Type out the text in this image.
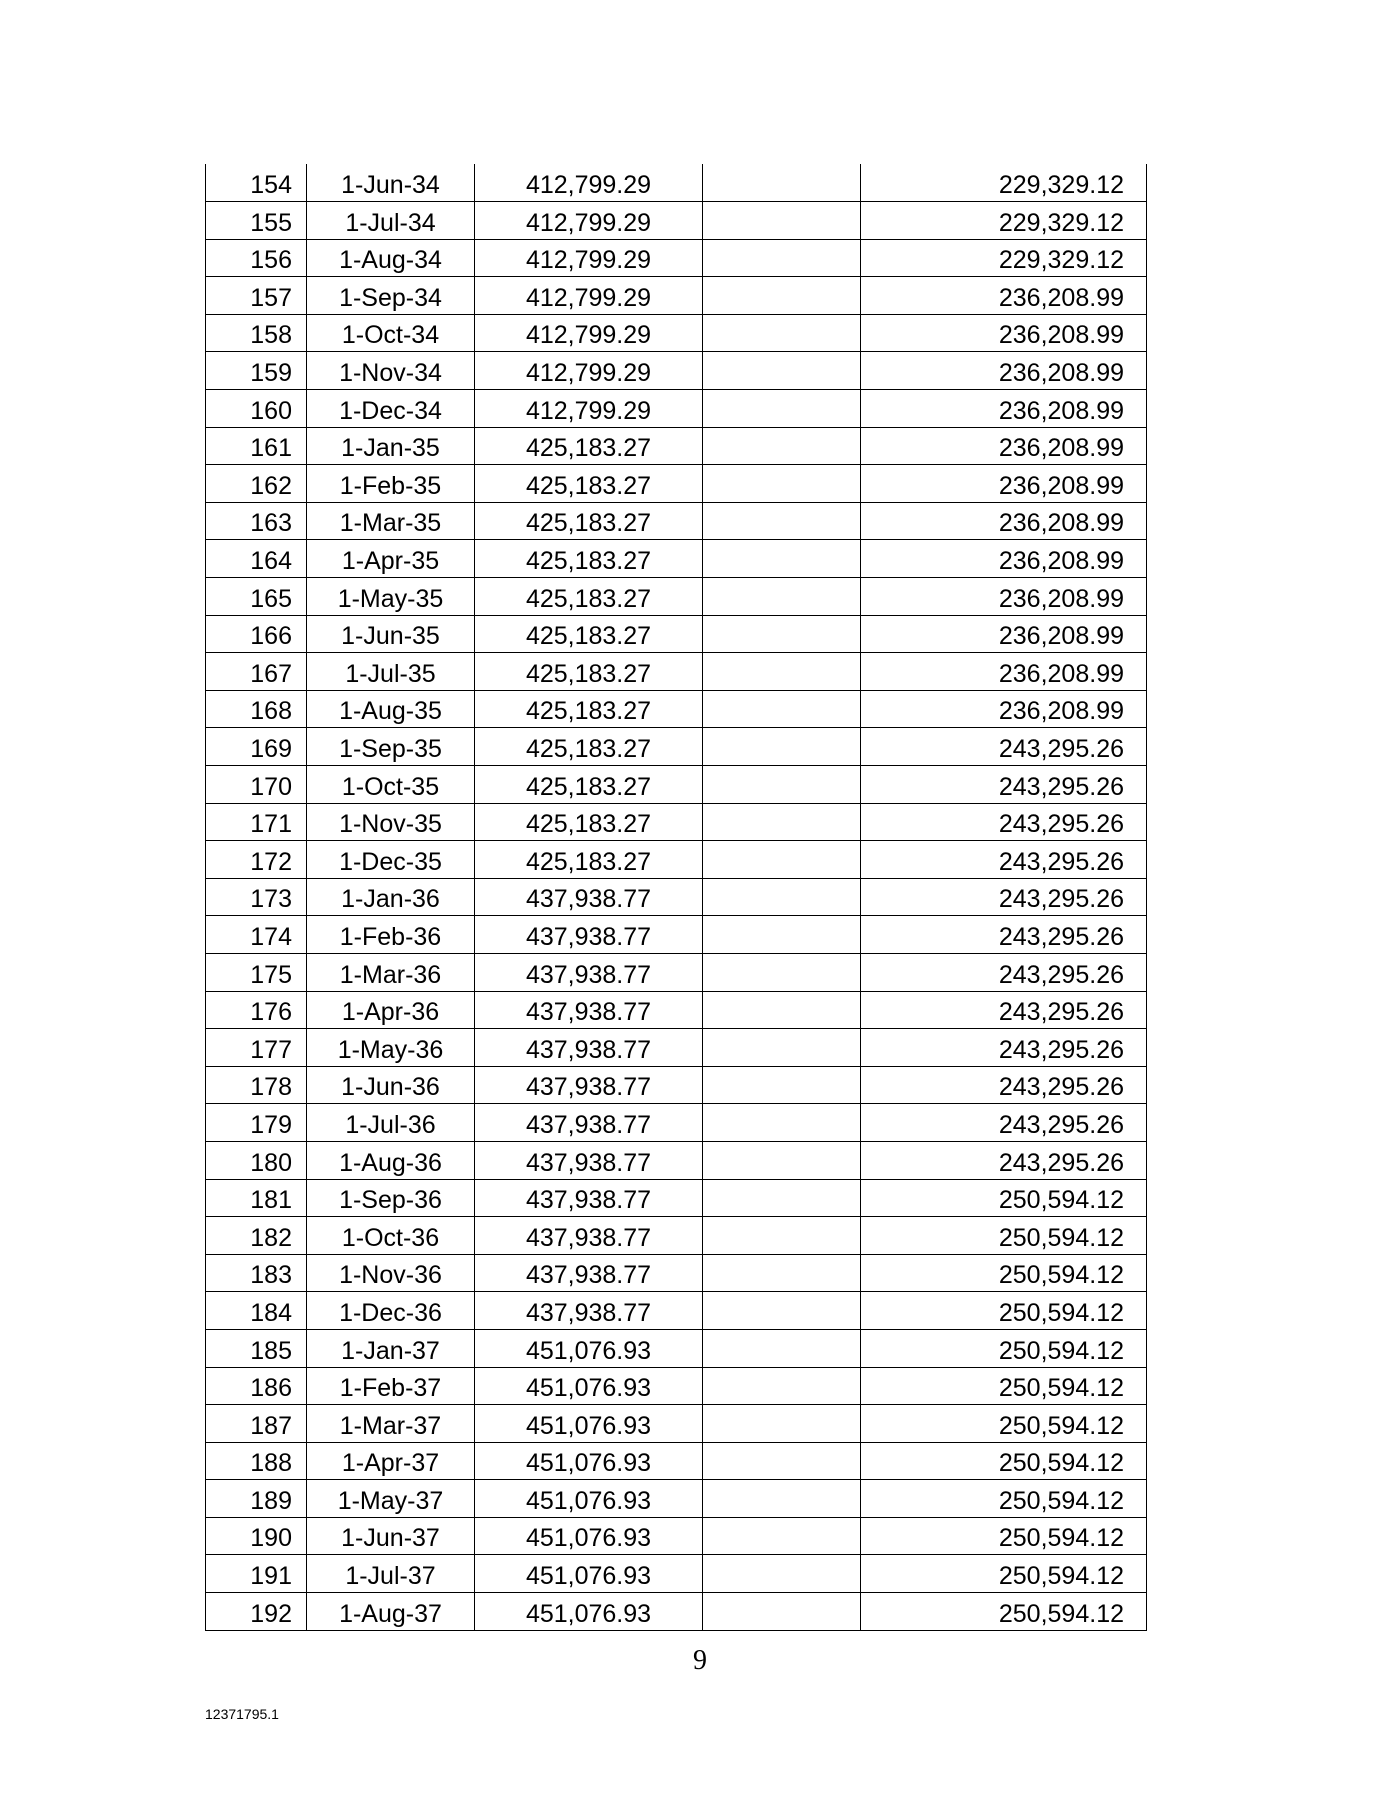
154	1-Jun-34	412,799.29		229,329.12
155	1-Jul-34	412,799.29		229,329.12
156	1-Aug-34	412,799.29		229,329.12
157	1-Sep-34	412,799.29		236,208.99
158	1-Oct-34	412,799.29		236,208.99
159	1-Nov-34	412,799.29		236,208.99
160	1-Dec-34	412,799.29		236,208.99
161	1-Jan-35	425,183.27		236,208.99
162	1-Feb-35	425,183.27		236,208.99
163	1-Mar-35	425,183.27		236,208.99
164	1-Apr-35	425,183.27		236,208.99
165	1-May-35	425,183.27		236,208.99
166	1-Jun-35	425,183.27		236,208.99
167	1-Jul-35	425,183.27		236,208.99
168	1-Aug-35	425,183.27		236,208.99
169	1-Sep-35	425,183.27		243,295.26
170	1-Oct-35	425,183.27		243,295.26
171	1-Nov-35	425,183.27		243,295.26
172	1-Dec-35	425,183.27		243,295.26
173	1-Jan-36	437,938.77		243,295.26
174	1-Feb-36	437,938.77		243,295.26
175	1-Mar-36	437,938.77		243,295.26
176	1-Apr-36	437,938.77		243,295.26
177	1-May-36	437,938.77		243,295.26
178	1-Jun-36	437,938.77		243,295.26
179	1-Jul-36	437,938.77		243,295.26
180	1-Aug-36	437,938.77		243,295.26
181	1-Sep-36	437,938.77		250,594.12
182	1-Oct-36	437,938.77		250,594.12
183	1-Nov-36	437,938.77		250,594.12
184	1-Dec-36	437,938.77		250,594.12
185	1-Jan-37	451,076.93		250,594.12
186	1-Feb-37	451,076.93		250,594.12
187	1-Mar-37	451,076.93		250,594.12
188	1-Apr-37	451,076.93		250,594.12
189	1-May-37	451,076.93		250,594.12
190	1-Jun-37	451,076.93		250,594.12
191	1-Jul-37	451,076.93		250,594.12
192	1-Aug-37	451,076.93		250,594.12
9
12371795.1
